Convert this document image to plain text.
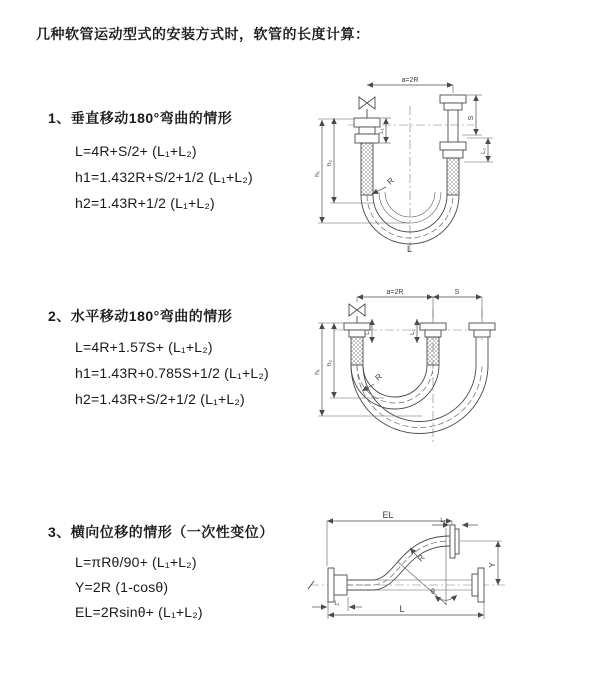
几种软管运动型式的安装方式时，软管的长度计算：
1、垂直移动180°弯曲的情形
L=4R+S/2+ (L₁+L₂)
h1=1.432R+S/2+1/2 (L₁+L₂)
h2=1.43R+1/2 (L₁+L₂)
2、水平移动180°弯曲的情形
L=4R+1.57S+ (L₁+L₂)
h1=1.43R+0.785S+1/2 (L₁+L₂)
h2=1.43R+S/2+1/2 (L₁+L₂)
3、横向位移的情形（一次性变位）
L=πRθ/90+ (L₁+L₂)
Y=2R (1-cosθ)
EL=2Rsinθ+ (L₁+L₂)
R
a=2R
S
L₂
h₁
h₂
L₁
L
R
a=2R	S
L₁	L₂
h₁
h₂
θ
R
EL
L₁
Y
L
L₁
